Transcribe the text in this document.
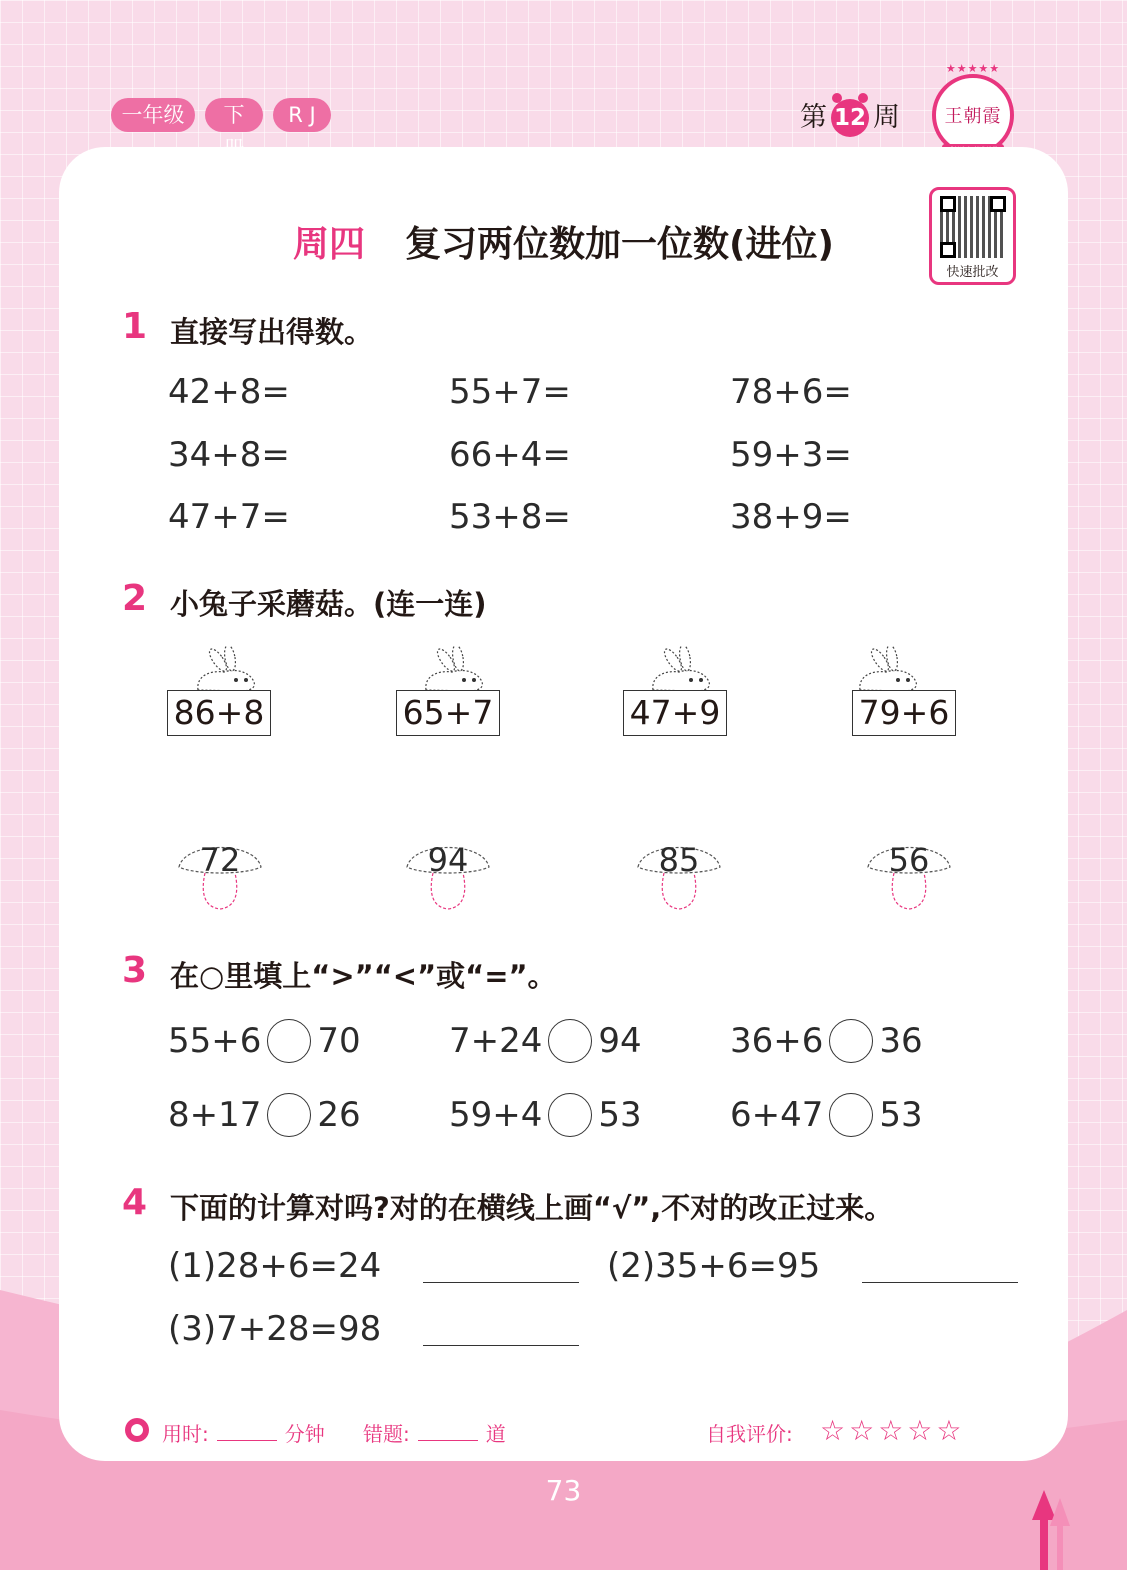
一年级	下	R J	第 12 周
★★★★★
王朝霞
周四 复习两位数加一位数(进位)
快速批改
1 直接写出得数。
42+8=	55+7=	78+6=
34+8=	66+4=	59+3=
47+7=	53+8=	38+9=
2 小兔子采蘑菇。(连一连)
86+8	65+7	47+9	79+6
72	94	85	56
3 在○里填上“>”“<”或“=”。
55+6 70	7+24 94	36+6 36
8+17 26	59+4 53	6+47 53
4 下面的计算对吗?对的在横线上画“√”,不对的改正过来。
(1)28+6=24	(2)35+6=95
(3)7+28=98
用时:	分钟 错题:	道	自我评价: ☆☆☆☆☆
73
